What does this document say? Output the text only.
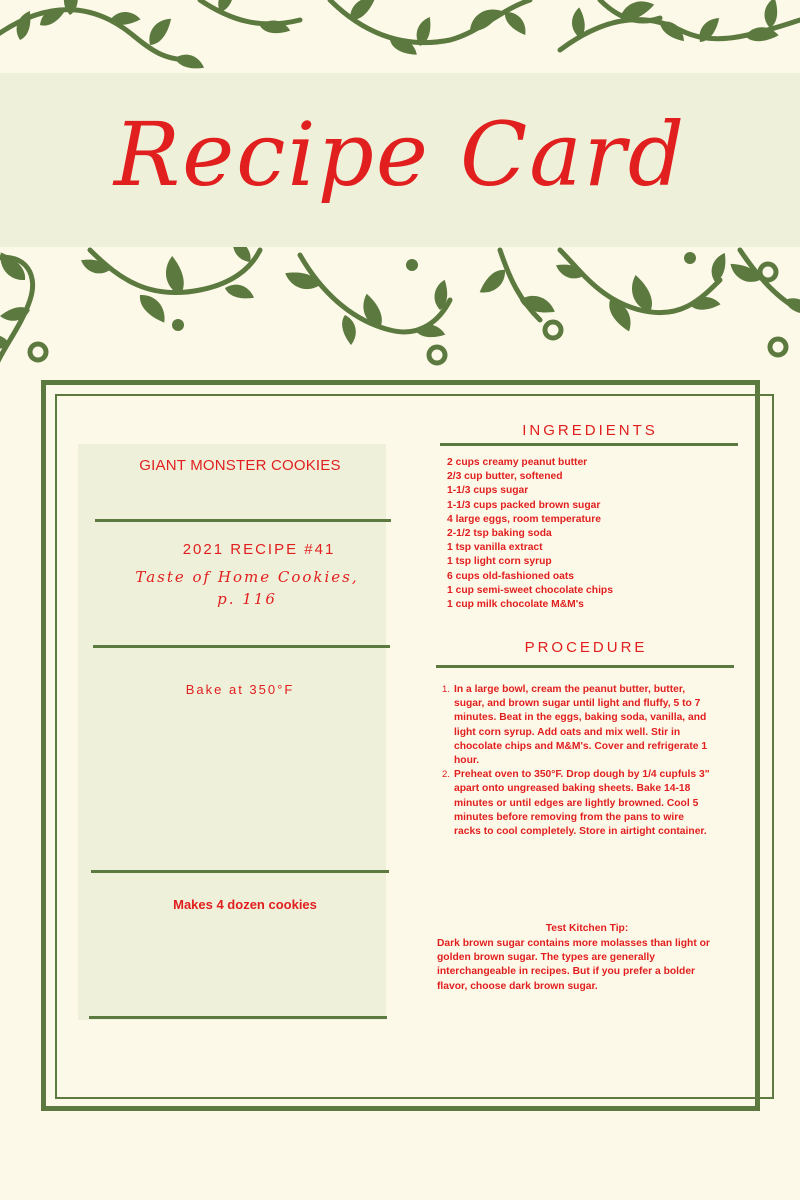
Recipe Card
GIANT MONSTER COOKIES
2021 RECIPE #41
Taste of Home Cookies,
p. 116
Bake at 350°F
Makes 4 dozen cookies
INGREDIENTS
2 cups creamy peanut butter
2/3 cup butter, softened
1-1/3 cups sugar
1-1/3 cups packed brown sugar
4 large eggs, room temperature
2-1/2 tsp baking soda
1 tsp vanilla extract
1 tsp light corn syrup
6 cups old-fashioned oats
1 cup semi-sweet chocolate chips
1 cup milk chocolate M&M's
PROCEDURE
1. In a large bowl, cream the peanut butter, butter,
sugar, and brown sugar until light and fluffy, 5 to 7
minutes. Beat in the eggs, baking soda, vanilla, and
light corn syrup. Add oats and mix well. Stir in
chocolate chips and M&M's. Cover and refrigerate 1
hour.
2. Preheat oven to 350°F. Drop dough by 1/4 cupfuls 3"
apart onto ungreased baking sheets. Bake 14-18
minutes or until edges are lightly browned. Cool 5
minutes before removing from the pans to wire
racks to cool completely. Store in airtight container.
Test Kitchen Tip:
Dark brown sugar contains more molasses than light or
golden brown sugar. The types are generally
interchangeable in recipes. But if you prefer a bolder
flavor, choose dark brown sugar.
